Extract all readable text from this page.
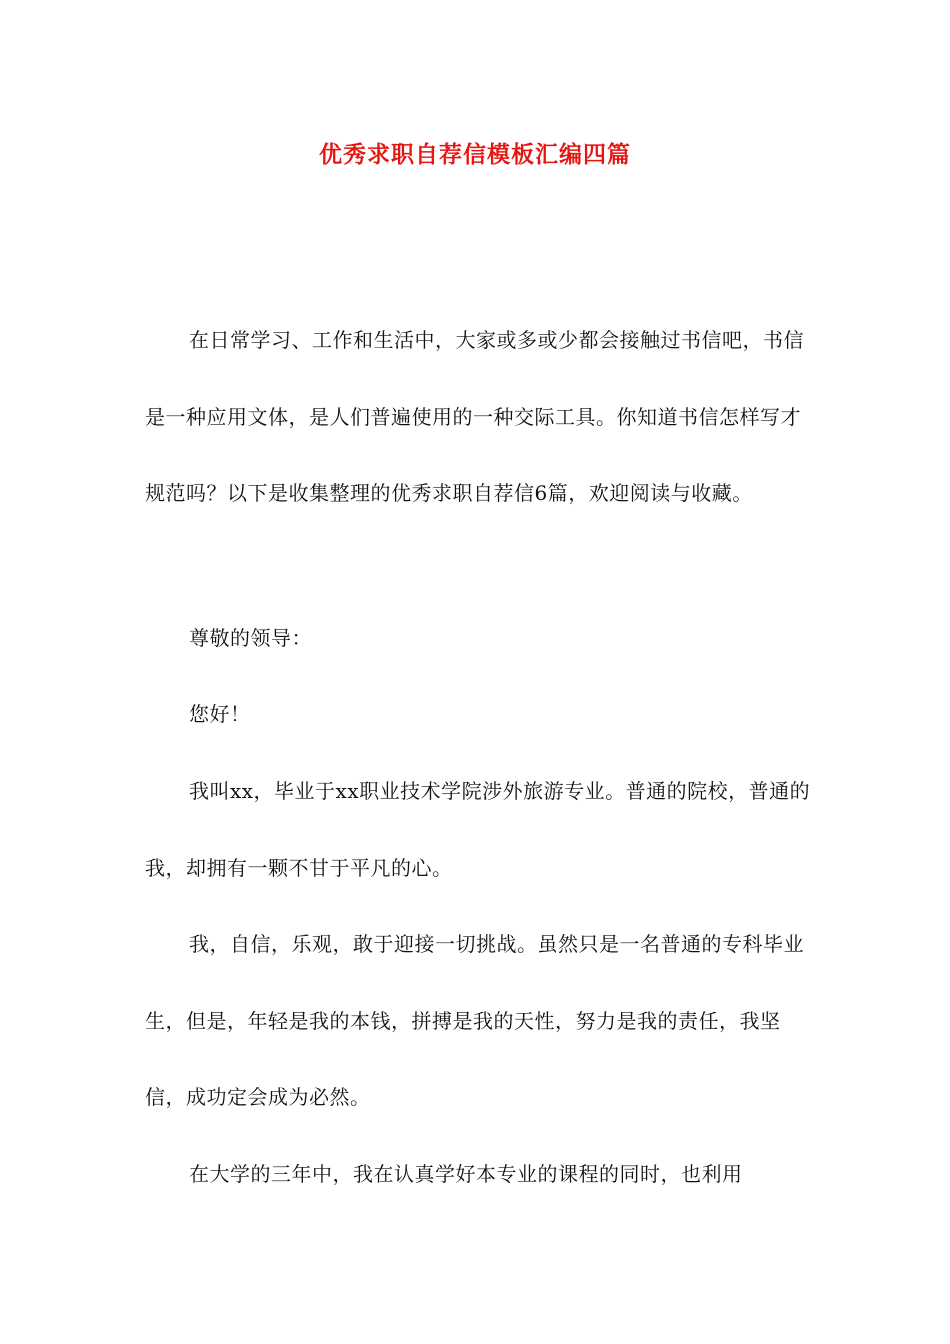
优秀求职自荐信模板汇编四篇

在日常学习、工作和生活中，大家或多或少都会接触过书信吧，书信是一种应用文体，是人们普遍使用的一种交际工具。你知道书信怎样写才规范吗？以下是收集整理的优秀求职自荐信6篇，欢迎阅读与收藏。

尊敬的领导：

您好！

我叫xx，毕业于xx职业技术学院涉外旅游专业。普通的院校，普通的我，却拥有一颗不甘于平凡的心。

我，自信，乐观，敢于迎接一切挑战。虽然只是一名普通的专科毕业生，但是，年轻是我的本钱，拼搏是我的天性，努力是我的责任，我坚信，成功定会成为必然。

在大学的三年中，我在认真学好本专业的课程的同时，也利用
